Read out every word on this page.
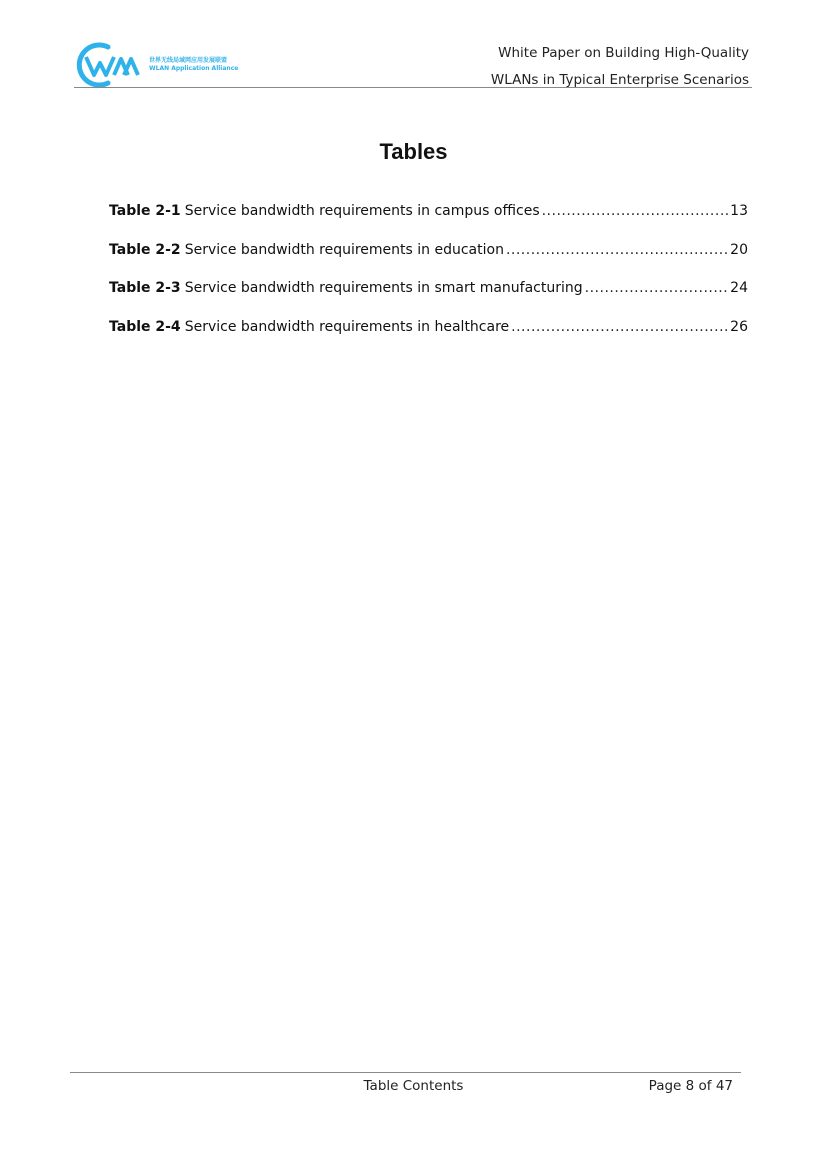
世界无线局域网应用发展联盟
WLAN Application Alliance
White Paper on Building High-Quality
WLANs in Typical Enterprise Scenarios
Tables
Table 2-1 Service bandwidth requirements in campus offices .....	13
Table 2-2 Service bandwidth requirements in education .....	20
Table 2-3 Service bandwidth requirements in smart manufacturing .....	24
Table 2-4 Service bandwidth requirements in healthcare .....	26
Table Contents	Page 8 of 47
